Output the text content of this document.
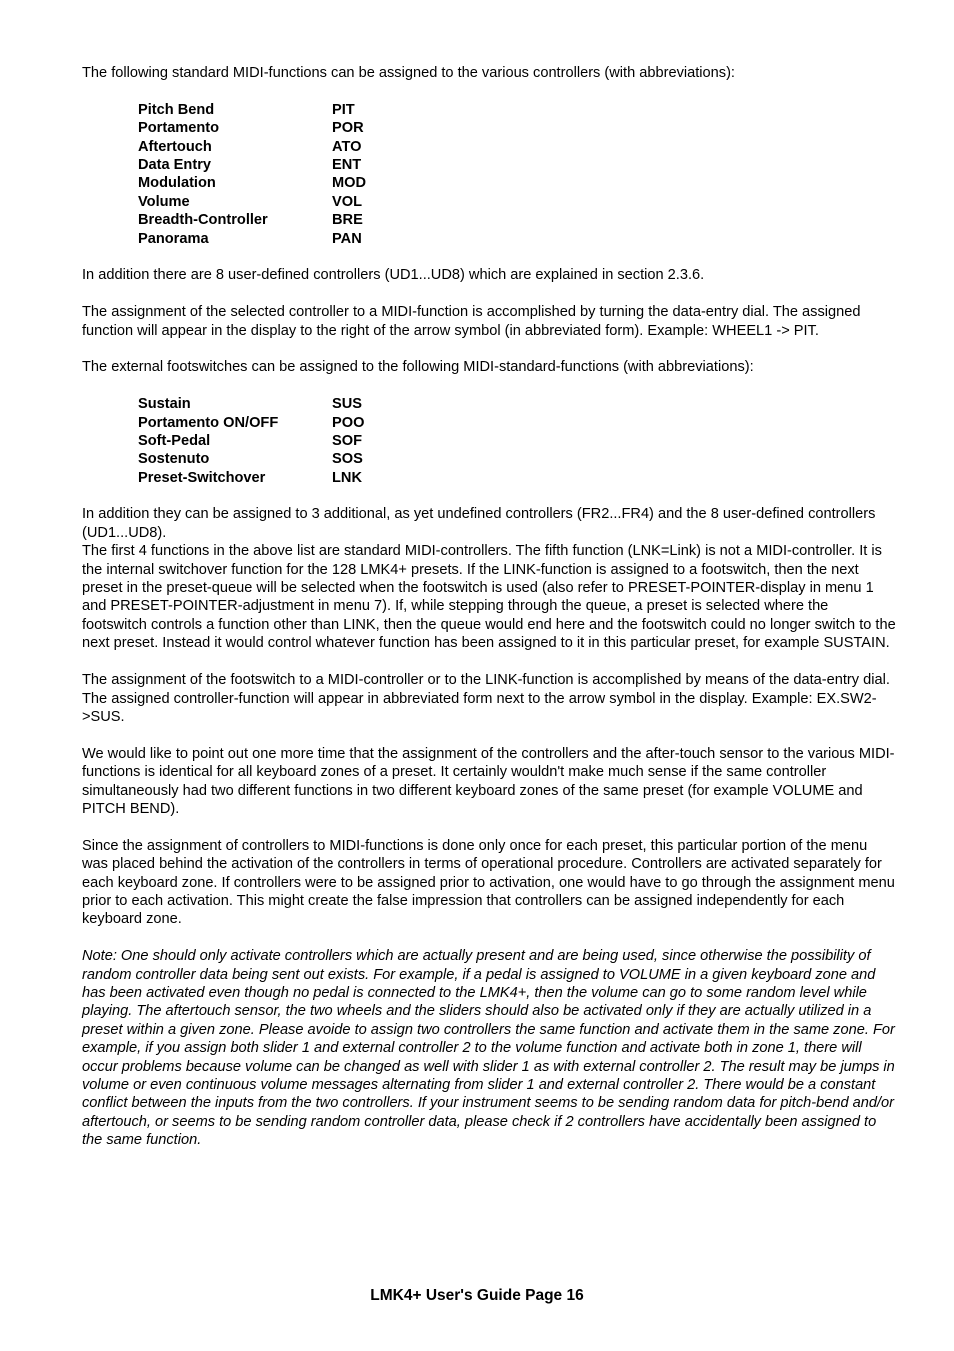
The following standard MIDI-functions can be assigned to the various controllers (with abbreviations):

Pitch Bend	PIT
Portamento	POR
Aftertouch	ATO
Data Entry	ENT
Modulation	MOD
Volume	VOL
Breadth-Controller	BRE
Panorama	PAN

In addition there are 8 user-defined controllers (UD1...UD8) which are explained in section 2.3.6.

The assignment of the selected controller to a MIDI-function is accomplished by turning the data-entry dial. The assigned function will appear in the display to the right of the arrow symbol (in abbreviated form). Example: WHEEL1 -> PIT.

The external footswitches can be assigned to the following MIDI-standard-functions (with abbreviations):

Sustain	SUS
Portamento ON/OFF	POO
Soft-Pedal	SOF
Sostenuto	SOS
Preset-Switchover	LNK

In addition they can be assigned to 3 additional, as yet undefined controllers (FR2...FR4) and the 8 user-defined controllers (UD1...UD8).

The first 4 functions in the above list are standard MIDI-controllers. The fifth function (LNK=Link) is not a MIDI-controller. It is the internal switchover function for the 128 LMK4+ presets. If the LINK-function is assigned to a footswitch, then the next preset in the preset-queue will be selected when the footswitch is used (also refer to PRESET-POINTER-display in menu 1 and PRESET-POINTER-adjustment in menu 7). If, while stepping through the queue, a preset is selected where the footswitch controls a function other than LINK, then the queue would end here and the footswitch could no longer switch to the next preset. Instead it would control whatever function has been assigned to it in this particular preset, for example SUSTAIN.

The assignment of the footswitch to a MIDI-controller or to the LINK-function is accomplished by means of the data-entry dial. The assigned controller-function will appear in abbreviated form next to the arrow symbol in the display. Example: EX.SW2->SUS.

We would like to point out one more time that the assignment of the controllers and the after-touch sensor to the various MIDI-functions is identical for all keyboard zones of a preset. It certainly wouldn't make much sense if the same controller simultaneously had two different functions in two different keyboard zones of the same preset (for example VOLUME and PITCH BEND).

Since the assignment of controllers to MIDI-functions is done only once for each preset, this particular portion of the menu was placed behind the activation of the controllers in terms of operational procedure. Controllers are activated separately for each keyboard zone. If controllers were to be assigned prior to activation, one would have to go through the assignment menu prior to each activation. This might create the false impression that controllers can be assigned independently for each keyboard zone.

Note: One should only activate controllers which are actually present and are being used, since otherwise the possibility of random controller data being sent out exists. For example, if a pedal is assigned to VOLUME in a given keyboard zone and has been activated even though no pedal is connected to the LMK4+, then the volume can go to some random level while playing. The aftertouch sensor, the two wheels and the sliders should also be activated only if they are actually utilized in a preset within a given zone. Please avoide to assign two controllers the same function and activate them in the same zone. For example, if you assign both slider 1 and external controller 2 to the volume function and activate both in zone 1, there will occur problems because volume can be changed as well with slider 1 as with external controller 2. The result may be jumps in volume or even continuous volume messages alternating from slider 1 and external controller 2. There would be a constant conflict between the inputs from the two controllers. If your instrument seems to be sending random data for pitch-bend and/or aftertouch, or seems to be sending random controller data, please check if 2 controllers have accidentally been assigned to the same function.

LMK4+ User's Guide Page 16
